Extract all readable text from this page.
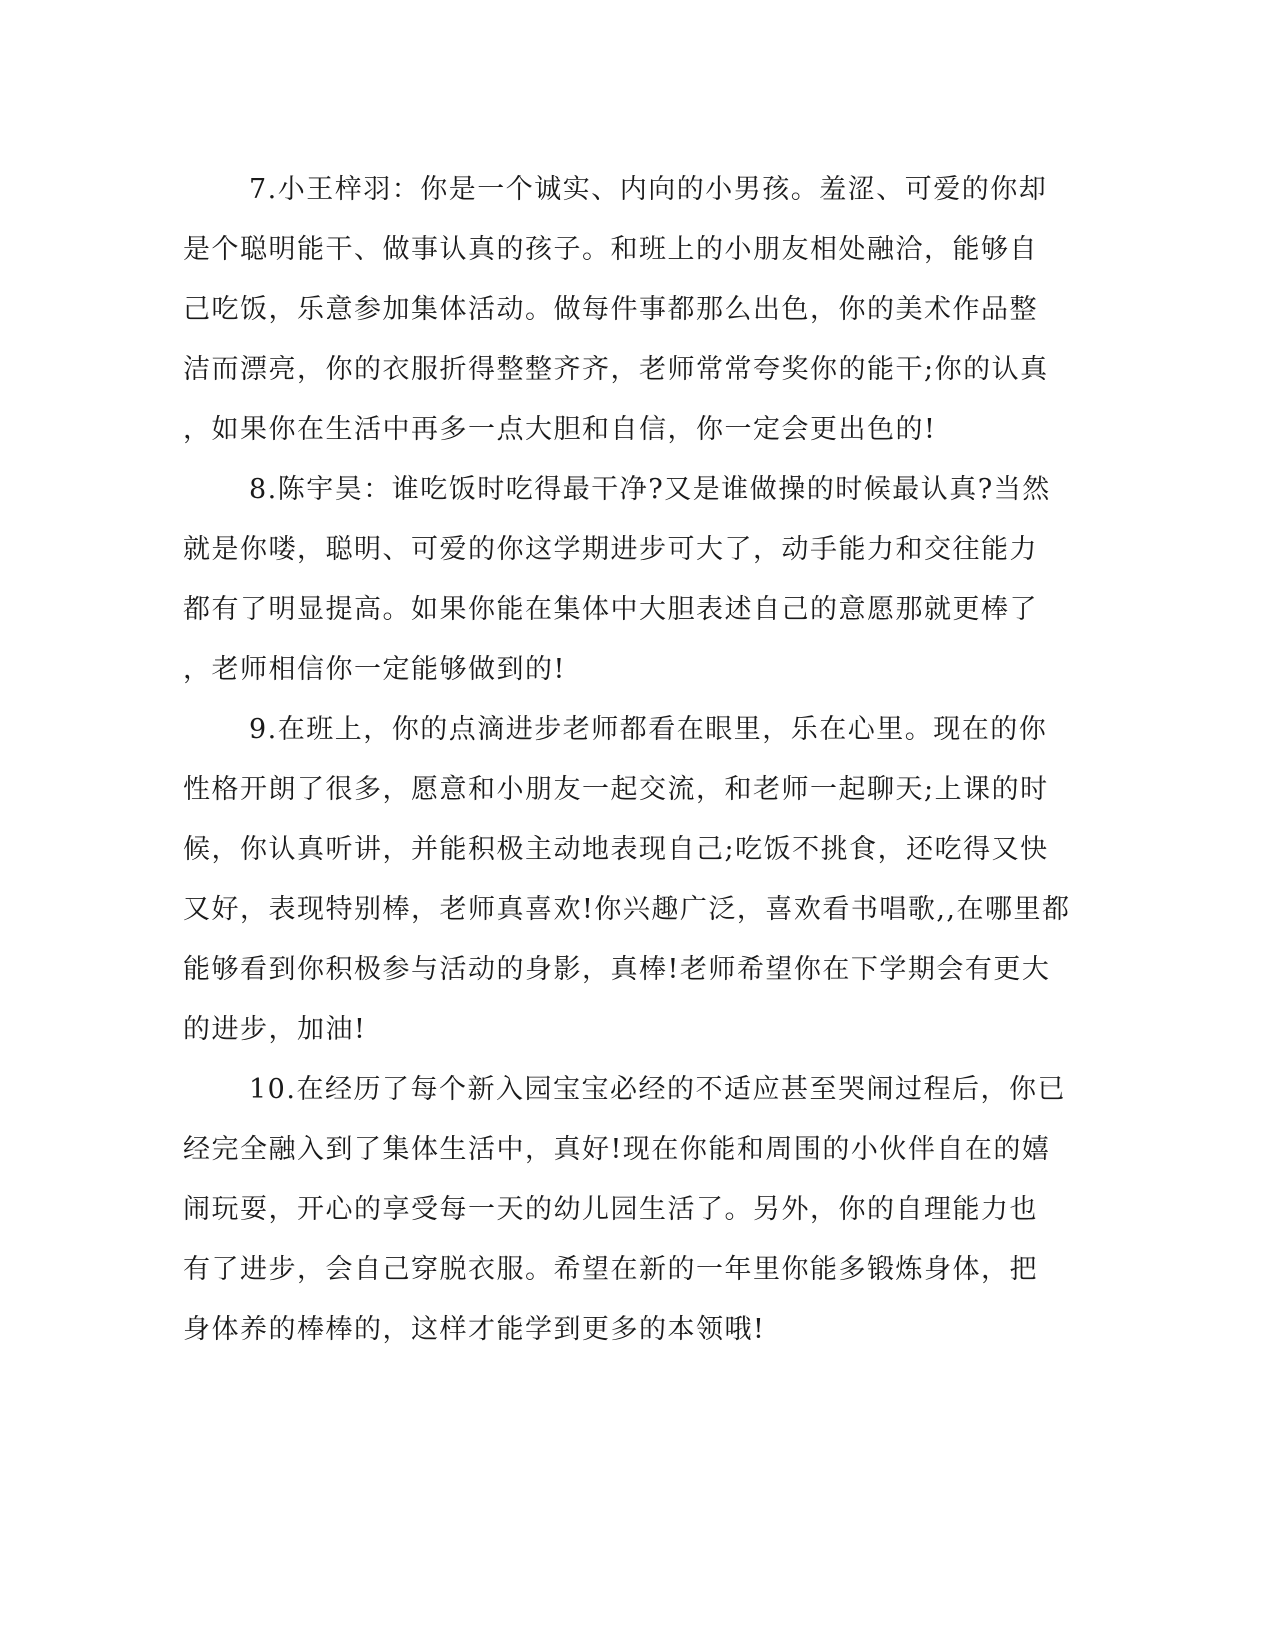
7.小王梓羽：你是一个诚实、内向的小男孩。羞涩、可爱的你却
是个聪明能干、做事认真的孩子。和班上的小朋友相处融洽，能够自
己吃饭，乐意参加集体活动。做每件事都那么出色，你的美术作品整
洁而漂亮，你的衣服折得整整齐齐，老师常常夸奖你的能干;你的认真
，如果你在生活中再多一点大胆和自信，你一定会更出色的!
8.陈宇昊：谁吃饭时吃得最干净?又是谁做操的时候最认真?当然
就是你喽，聪明、可爱的你这学期进步可大了，动手能力和交往能力
都有了明显提高。如果你能在集体中大胆表述自己的意愿那就更棒了
，老师相信你一定能够做到的!
9.在班上，你的点滴进步老师都看在眼里，乐在心里。现在的你
性格开朗了很多，愿意和小朋友一起交流，和老师一起聊天;上课的时
候，你认真听讲，并能积极主动地表现自己;吃饭不挑食，还吃得又快
又好，表现特别棒，老师真喜欢!你兴趣广泛，喜欢看书唱歌,,在哪里都
能够看到你积极参与活动的身影，真棒!老师希望你在下学期会有更大
的进步，加油!
10.在经历了每个新入园宝宝必经的不适应甚至哭闹过程后，你已
经完全融入到了集体生活中，真好!现在你能和周围的小伙伴自在的嬉
闹玩耍，开心的享受每一天的幼儿园生活了。另外，你的自理能力也
有了进步，会自己穿脱衣服。希望在新的一年里你能多锻炼身体，把
身体养的棒棒的，这样才能学到更多的本领哦!
